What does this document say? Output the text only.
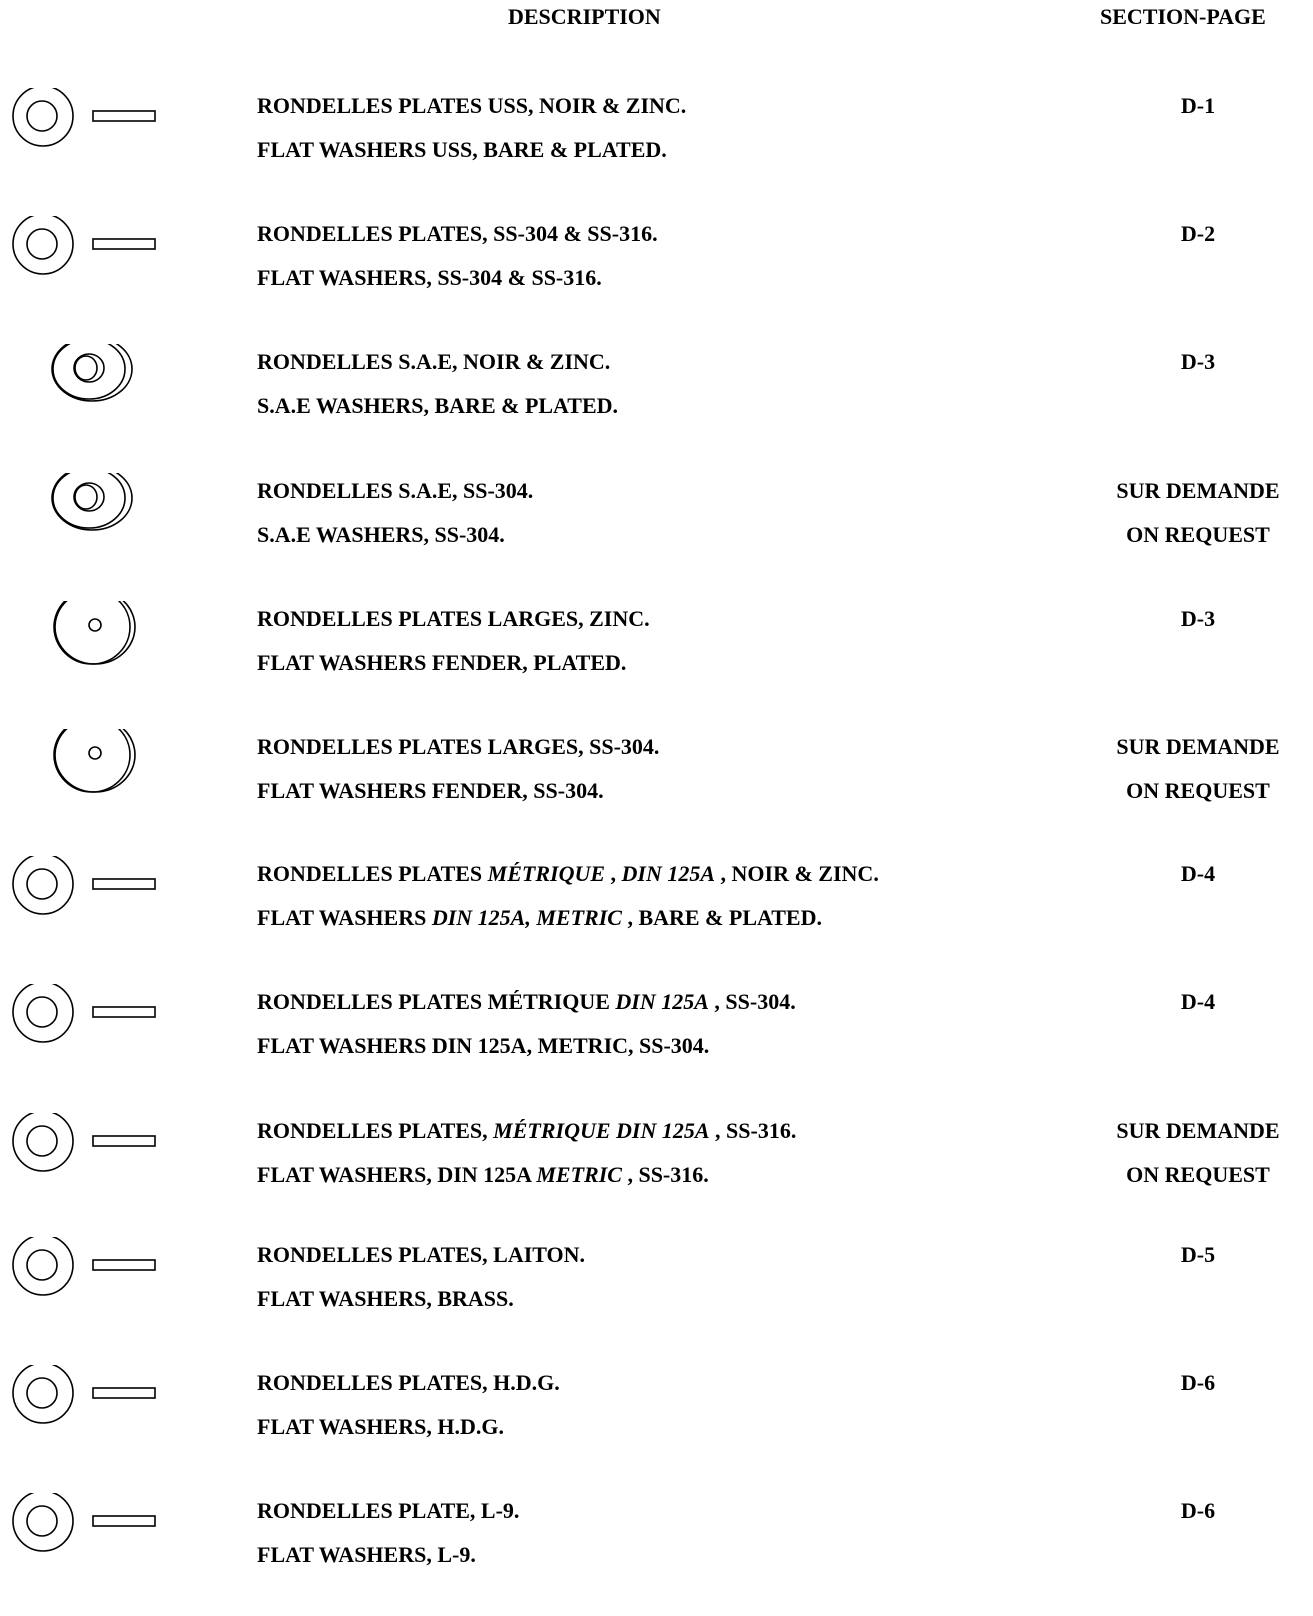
DESCRIPTION	SECTION-PAGE
RONDELLES PLATES USS, NOIR & ZINC.
FLAT WASHERS USS, BARE & PLATED.
D-1
RONDELLES PLATES, SS-304 & SS-316.
FLAT WASHERS, SS-304 & SS-316.
D-2
RONDELLES S.A.E, NOIR & ZINC.
S.A.E WASHERS, BARE & PLATED.
D-3
RONDELLES S.A.E, SS-304.
S.A.E WASHERS, SS-304.
SUR DEMANDE
ON REQUEST
RONDELLES PLATES LARGES, ZINC.
FLAT WASHERS FENDER, PLATED.
D-3
RONDELLES PLATES LARGES, SS-304.
FLAT WASHERS FENDER, SS-304.
SUR DEMANDE
ON REQUEST
RONDELLES PLATES MÉTRIQUE , DIN 125A , NOIR & ZINC.
FLAT WASHERS DIN 125A, METRIC , BARE & PLATED.
D-4
RONDELLES PLATES MÉTRIQUE DIN 125A , SS-304.
FLAT WASHERS DIN 125A, METRIC, SS-304.
D-4
RONDELLES PLATES, MÉTRIQUE DIN 125A , SS-316.
FLAT WASHERS, DIN 125A METRIC , SS-316.
SUR DEMANDE
ON REQUEST
RONDELLES PLATES, LAITON.
FLAT WASHERS, BRASS.
D-5
RONDELLES PLATES, H.D.G.
FLAT WASHERS, H.D.G.
D-6
RONDELLES PLATE, L-9.
FLAT WASHERS, L-9.
D-6
